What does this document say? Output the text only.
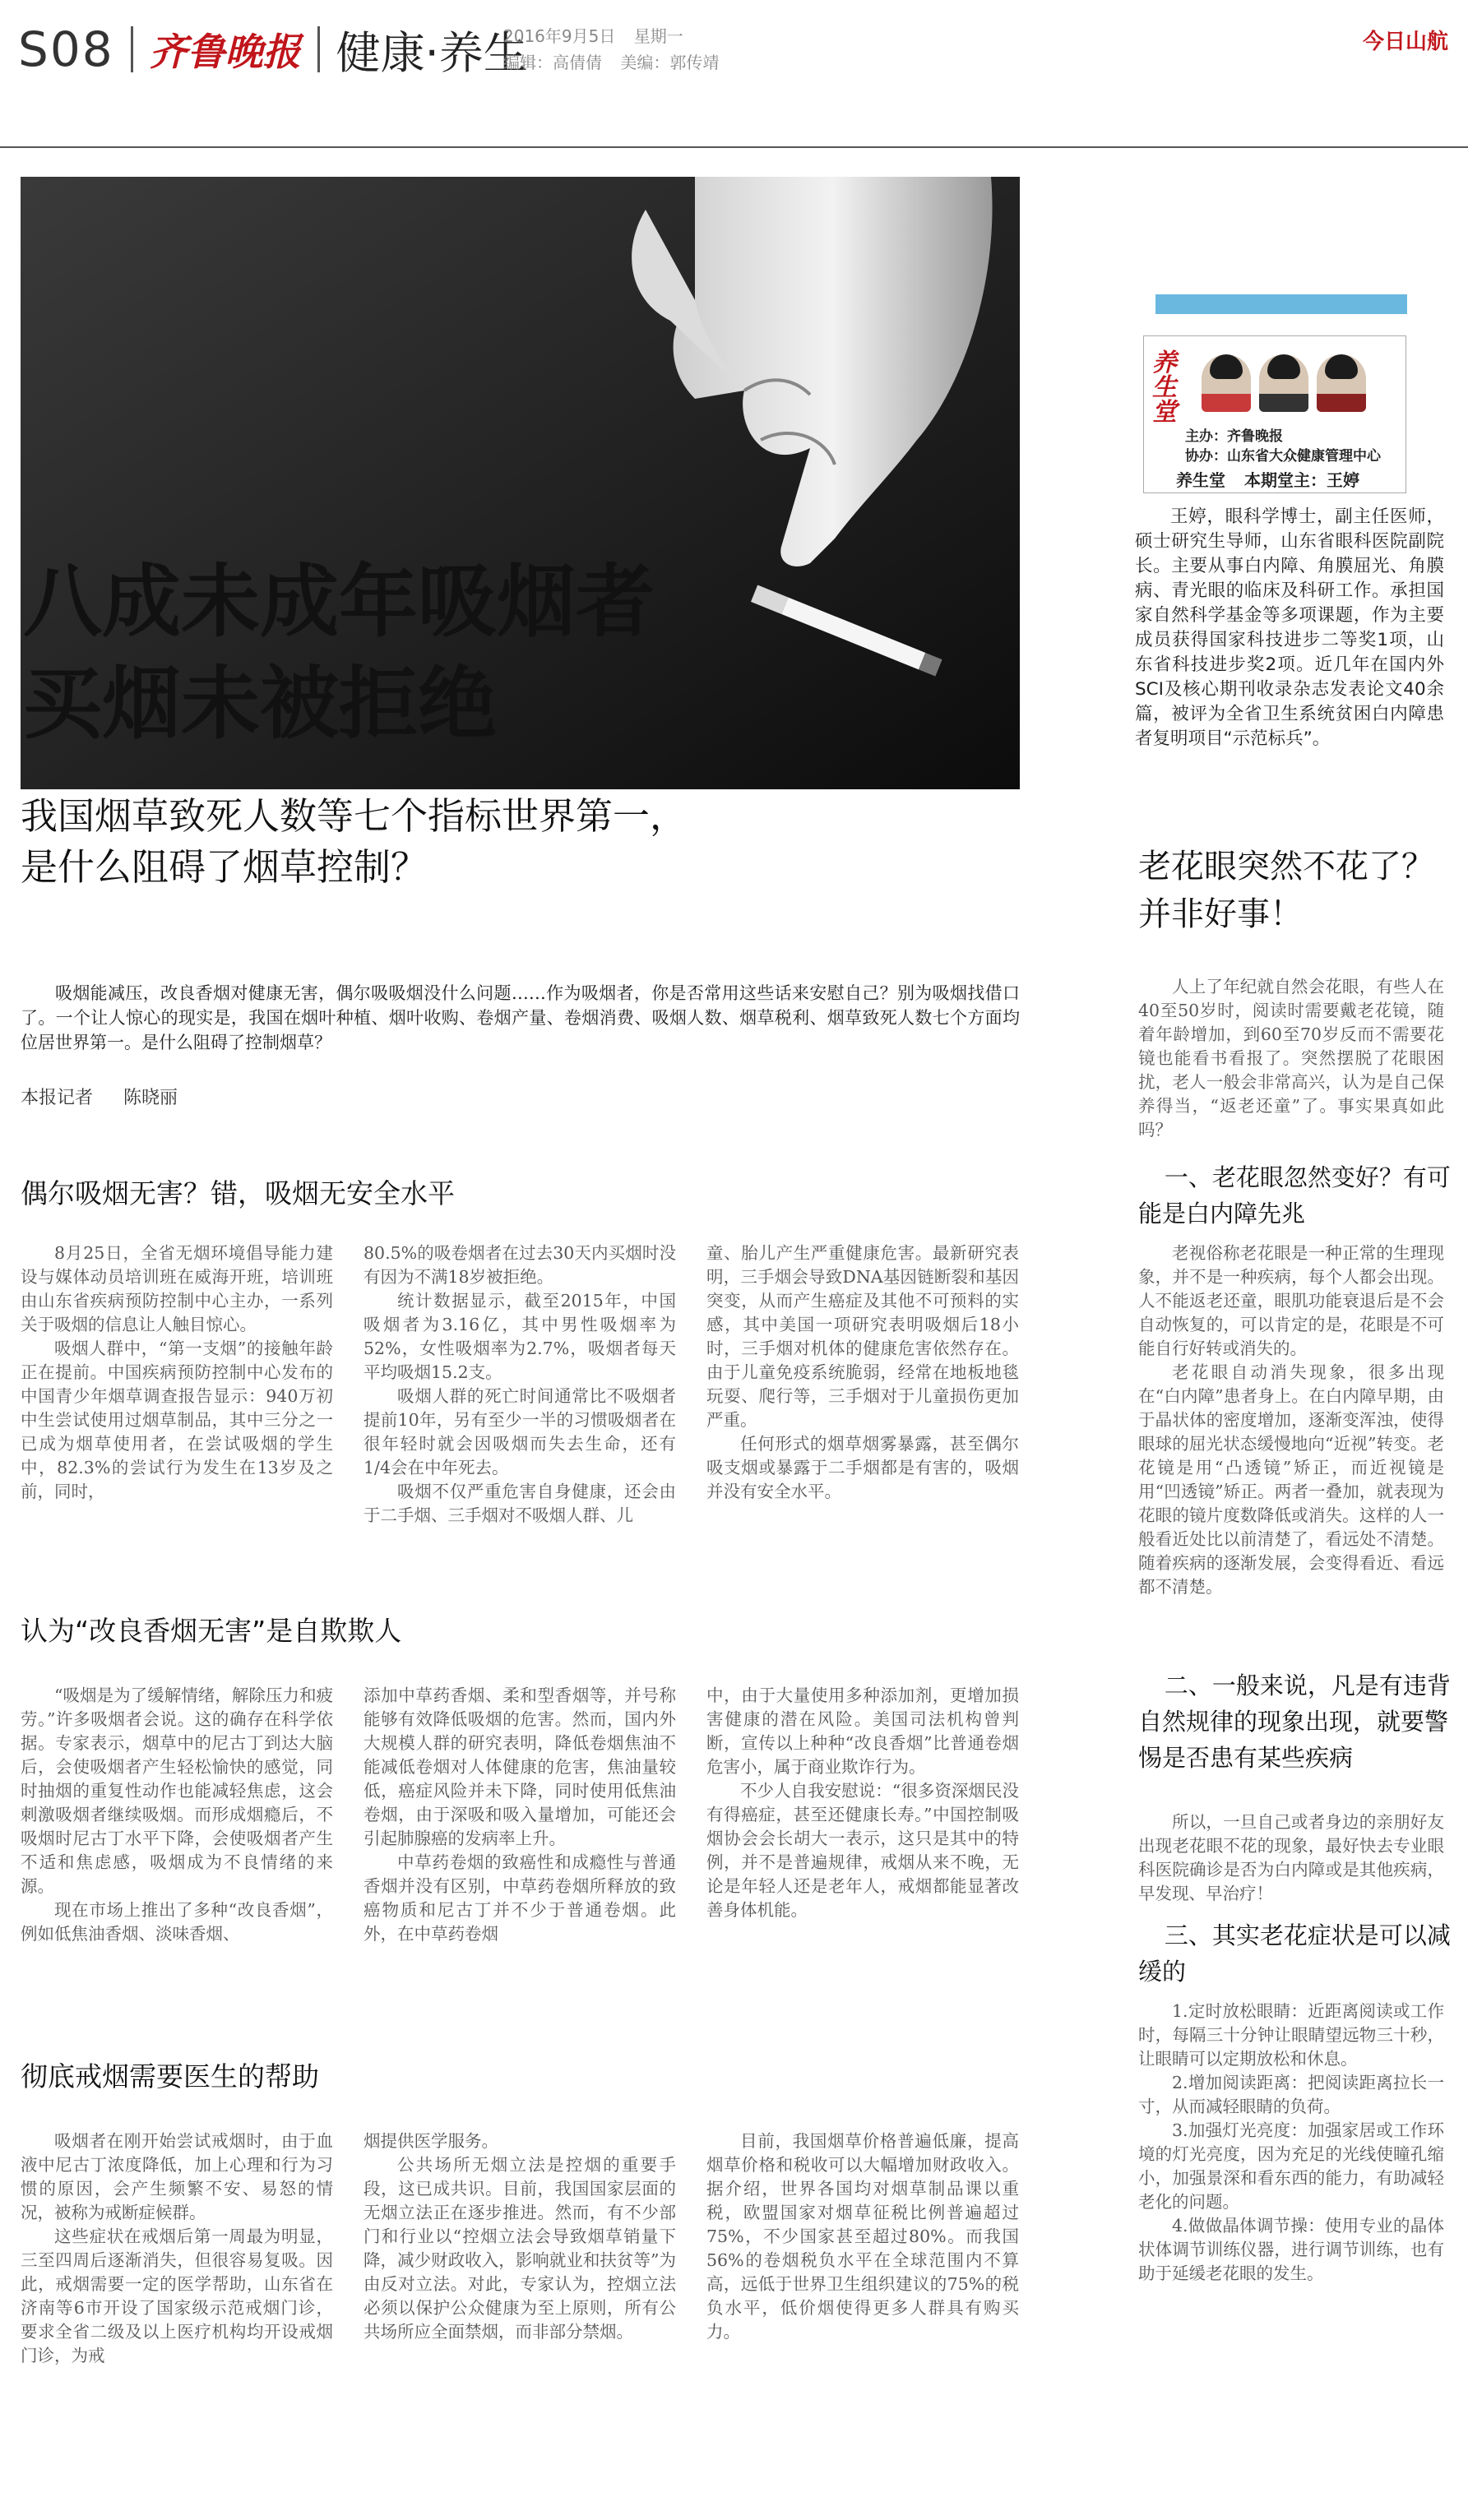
S08 齐鲁晚报 健康·养生
2016年9月5日 星期一
编辑：高倩倩 美编：郭传靖
今日山航
八成未成年吸烟者
买烟未被拒绝
我国烟草致死人数等七个指标世界第一，
是什么阻碍了烟草控制？

吸烟能减压，改良香烟对健康无害，偶尔吸吸烟没什么问题……作为吸烟者，你是否常用这些话来安慰自己？别为吸烟找借口了。一个让人惊心的现实是，我国在烟叶种植、烟叶收购、卷烟产量、卷烟消费、吸烟人数、烟草税利、烟草致死人数七个方面均位居世界第一。是什么阻碍了控制烟草？

本报记者 陈晓丽
偶尔吸烟无害？错，吸烟无安全水平

8月25日，全省无烟环境倡导能力建设与媒体动员培训班在威海开班，培训班由山东省疾病预防控制中心主办，一系列关于吸烟的信息让人触目惊心。

吸烟人群中，“第一支烟”的接触年龄正在提前。中国疾病预防控制中心发布的中国青少年烟草调查报告显示：940万初中生尝试使用过烟草制品，其中三分之一已成为烟草使用者，在尝试吸烟的学生中，82.3%的尝试行为发生在13岁及之前，同时，

80.5%的吸卷烟者在过去30天内买烟时没有因为不满18岁被拒绝。

统计数据显示，截至2015年，中国吸烟者为3.16亿，其中男性吸烟率为52%，女性吸烟率为2.7%，吸烟者每天平均吸烟15.2支。

吸烟人群的死亡时间通常比不吸烟者提前10年，另有至少一半的习惯吸烟者在很年轻时就会因吸烟而失去生命，还有1/4会在中年死去。

吸烟不仅严重危害自身健康，还会由于二手烟、三手烟对不吸烟人群、儿

童、胎儿产生严重健康危害。最新研究表明，三手烟会导致DNA基因链断裂和基因突变，从而产生癌症及其他不可预料的实感，其中美国一项研究表明吸烟后18小时，三手烟对机体的健康危害依然存在。由于儿童免疫系统脆弱，经常在地板地毯玩耍、爬行等，三手烟对于儿童损伤更加严重。

任何形式的烟草烟雾暴露，甚至偶尔吸支烟或暴露于二手烟都是有害的，吸烟并没有安全水平。

认为“改良香烟无害”是自欺欺人

“吸烟是为了缓解情绪，解除压力和疲劳。”许多吸烟者会说。这的确存在科学依据。专家表示，烟草中的尼古丁到达大脑后，会使吸烟者产生轻松愉快的感觉，同时抽烟的重复性动作也能减轻焦虑，这会刺激吸烟者继续吸烟。而形成烟瘾后，不吸烟时尼古丁水平下降，会使吸烟者产生不适和焦虑感，吸烟成为不良情绪的来源。

现在市场上推出了多种“改良香烟”，例如低焦油香烟、淡味香烟、

添加中草药香烟、柔和型香烟等，并号称能够有效降低吸烟的危害。然而，国内外大规模人群的研究表明，降低卷烟焦油不能减低卷烟对人体健康的危害，焦油量较低，癌症风险并未下降，同时使用低焦油卷烟，由于深吸和吸入量增加，可能还会引起肺腺癌的发病率上升。

中草药卷烟的致癌性和成瘾性与普通香烟并没有区别，中草药卷烟所释放的致癌物质和尼古丁并不少于普通卷烟。此外，在中草药卷烟

中，由于大量使用多种添加剂，更增加损害健康的潜在风险。美国司法机构曾判断，宣传以上种种“改良香烟”比普通卷烟危害小，属于商业欺诈行为。

不少人自我安慰说：“很多资深烟民没有得癌症，甚至还健康长寿。”中国控制吸烟协会会长胡大一表示，这只是其中的特例，并不是普遍规律，戒烟从来不晚，无论是年轻人还是老年人，戒烟都能显著改善身体机能。

彻底戒烟需要医生的帮助

吸烟者在刚开始尝试戒烟时，由于血液中尼古丁浓度降低，加上心理和行为习惯的原因，会产生频繁不安、易怒的情况，被称为戒断症候群。

这些症状在戒烟后第一周最为明显，三至四周后逐渐消失，但很容易复吸。因此，戒烟需要一定的医学帮助，山东省在济南等6市开设了国家级示范戒烟门诊，要求全省二级及以上医疗机构均开设戒烟门诊，为戒

烟提供医学服务。

公共场所无烟立法是控烟的重要手段，这已成共识。目前，我国国家层面的无烟立法正在逐步推进。然而，有不少部门和行业以“控烟立法会导致烟草销量下降，减少财政收入，影响就业和扶贫等”为由反对立法。对此，专家认为，控烟立法必须以保护公众健康为至上原则，所有公共场所应全面禁烟，而非部分禁烟。

目前，我国烟草价格普遍低廉，提高烟草价格和税收可以大幅增加财政收入。据介绍，世界各国均对烟草制品课以重税，欧盟国家对烟草征税比例普遍超过75%，不少国家甚至超过80%。而我国56%的卷烟税负水平在全球范围内不算高，远低于世界卫生组织建议的75%的税负水平，低价烟使得更多人群具有购买力。

养生堂
主办：齐鲁晚报
协办：山东省大众健康管理中心
养生堂 本期堂主：王婷

王婷，眼科学博士，副主任医师，硕士研究生导师，山东省眼科医院副院长。主要从事白内障、角膜屈光、角膜病、青光眼的临床及科研工作。承担国家自然科学基金等多项课题，作为主要成员获得国家科技进步二等奖1项，山东省科技进步奖2项。近几年在国内外SCI及核心期刊收录杂志发表论文40余篇，被评为全省卫生系统贫困白内障患者复明项目“示范标兵”。

老花眼突然不花了？
并非好事！

人上了年纪就自然会花眼，有些人在40至50岁时，阅读时需要戴老花镜，随着年龄增加，到60至70岁反而不需要花镜也能看书看报了。突然摆脱了花眼困扰，老人一般会非常高兴，认为是自己保养得当，“返老还童”了。事实果真如此吗？

一、老花眼忽然变好？有可能是白内障先兆

老视俗称老花眼是一种正常的生理现象，并不是一种疾病，每个人都会出现。人不能返老还童，眼肌功能衰退后是不会自动恢复的，可以肯定的是，花眼是不可能自行好转或消失的。

老花眼自动消失现象，很多出现在“白内障”患者身上。在白内障早期，由于晶状体的密度增加，逐渐变浑浊，使得眼球的屈光状态缓慢地向“近视”转变。老花镜是用“凸透镜”矫正，而近视镜是用“凹透镜”矫正。两者一叠加，就表现为花眼的镜片度数降低或消失。这样的人一般看近处比以前清楚了，看远处不清楚。随着疾病的逐渐发展，会变得看近、看远都不清楚。

二、一般来说，凡是有违背自然规律的现象出现，就要警惕是否患有某些疾病

所以，一旦自己或者身边的亲朋好友出现老花眼不花的现象，最好快去专业眼科医院确诊是否为白内障或是其他疾病，早发现、早治疗！

三、其实老花症状是可以减缓的

1.定时放松眼睛：近距离阅读或工作时，每隔三十分钟让眼睛望远物三十秒，让眼睛可以定期放松和休息。

2.增加阅读距离：把阅读距离拉长一寸，从而减轻眼睛的负荷。

3.加强灯光亮度：加强家居或工作环境的灯光亮度，因为充足的光线使瞳孔缩小，加强景深和看东西的能力，有助减轻老化的问题。

4.做做晶体调节操：使用专业的晶体状体调节训练仪器，进行调节训练，也有助于延缓老花眼的发生。
